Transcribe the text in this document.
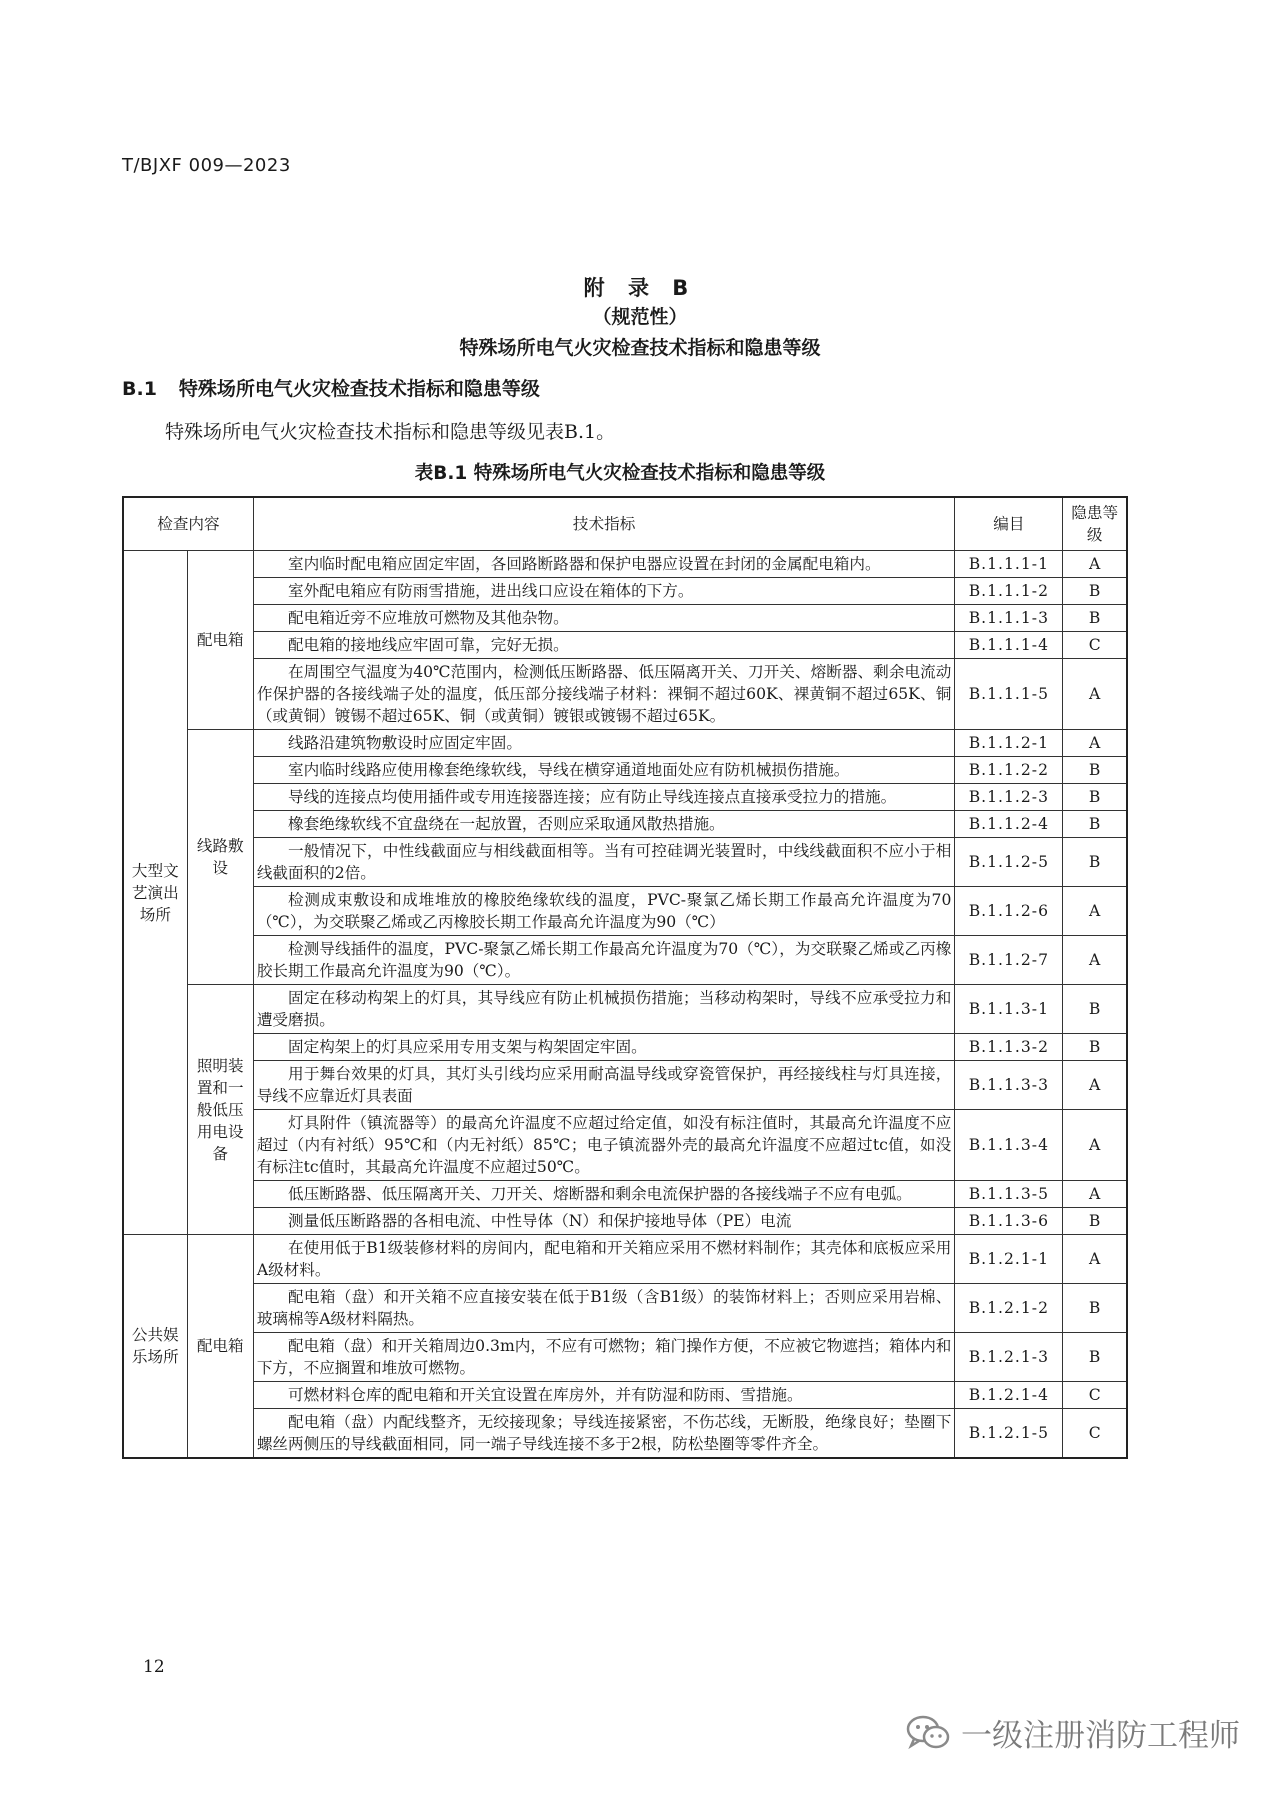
T/BJXF 009—2023
附 录 B
（规范性）
特殊场所电气火灾检查技术指标和隐患等级
B.1 特殊场所电气火灾检查技术指标和隐患等级
特殊场所电气火灾检查技术指标和隐患等级见表B.1。
表B.1 特殊场所电气火灾检查技术指标和隐患等级
检查内容		技术指标	编目	隐患等级
大型文艺演出场所	配电箱	室内临时配电箱应固定牢固，各回路断路器和保护电器应设置在封闭的金属配电箱内。	B.1.1.1-1	A
		室外配电箱应有防雨雪措施，进出线口应设在箱体的下方。	B.1.1.1-2	B
		配电箱近旁不应堆放可燃物及其他杂物。	B.1.1.1-3	B
		配电箱的接地线应牢固可靠，完好无损。	B.1.1.1-4	C
		在周围空气温度为40℃范围内，检测低压断路器、低压隔离开关、刀开关、熔断器、剩余电流动作保护器的各接线端子处的温度，低压部分接线端子材料：裸铜不超过60K、裸黄铜不超过65K、铜（或黄铜）镀锡不超过65K、铜（或黄铜）镀银或镀锡不超过65K。	B.1.1.1-5	A
	线路敷设	线路沿建筑物敷设时应固定牢固。	B.1.1.2-1	A
		室内临时线路应使用橡套绝缘软线，导线在横穿通道地面处应有防机械损伤措施。	B.1.1.2-2	B
		导线的连接点均使用插件或专用连接器连接；应有防止导线连接点直接承受拉力的措施。	B.1.1.2-3	B
		橡套绝缘软线不宜盘绕在一起放置，否则应采取通风散热措施。	B.1.1.2-4	B
		一般情况下，中性线截面应与相线截面相等。当有可控硅调光装置时，中线线截面积不应小于相线截面积的2倍。	B.1.1.2-5	B
		检测成束敷设和成堆堆放的橡胶绝缘软线的温度，PVC-聚氯乙烯长期工作最高允许温度为70（℃），为交联聚乙烯或乙丙橡胶长期工作最高允许温度为90（℃）	B.1.1.2-6	A
		检测导线插件的温度，PVC-聚氯乙烯长期工作最高允许温度为70（℃），为交联聚乙烯或乙丙橡胶长期工作最高允许温度为90（℃）。	B.1.1.2-7	A
	照明装置和一般低压用电设备	固定在移动构架上的灯具，其导线应有防止机械损伤措施；当移动构架时，导线不应承受拉力和遭受磨损。	B.1.1.3-1	B
		固定构架上的灯具应采用专用支架与构架固定牢固。	B.1.1.3-2	B
		用于舞台效果的灯具，其灯头引线均应采用耐高温导线或穿瓷管保护，再经接线柱与灯具连接，导线不应靠近灯具表面	B.1.1.3-3	A
		灯具附件（镇流器等）的最高允许温度不应超过给定值，如没有标注值时，其最高允许温度不应超过（内有衬纸）95℃和（内无衬纸）85℃；电子镇流器外壳的最高允许温度不应超过tc值，如没有标注tc值时，其最高允许温度不应超过50℃。	B.1.1.3-4	A
		低压断路器、低压隔离开关、刀开关、熔断器和剩余电流保护器的各接线端子不应有电弧。	B.1.1.3-5	A
		测量低压断路器的各相电流、中性导体（N）和保护接地导体（PE）电流	B.1.1.3-6	B
公共娱乐场所	配电箱	在使用低于B1级装修材料的房间内，配电箱和开关箱应采用不燃材料制作；其壳体和底板应采用A级材料。	B.1.2.1-1	A
		配电箱（盘）和开关箱不应直接安装在低于B1级（含B1级）的装饰材料上；否则应采用岩棉、玻璃棉等A级材料隔热。	B.1.2.1-2	B
		配电箱（盘）和开关箱周边0.3m内，不应有可燃物；箱门操作方便，不应被它物遮挡；箱体内和下方，不应搁置和堆放可燃物。	B.1.2.1-3	B
		可燃材料仓库的配电箱和开关宜设置在库房外，并有防湿和防雨、雪措施。	B.1.2.1-4	C
		配电箱（盘）内配线整齐，无绞接现象；导线连接紧密，不伤芯线，无断股，绝缘良好；垫圈下螺丝两侧压的导线截面相同，同一端子导线连接不多于2根，防松垫圈等零件齐全。	B.1.2.1-5	C
12
一级注册消防工程师
